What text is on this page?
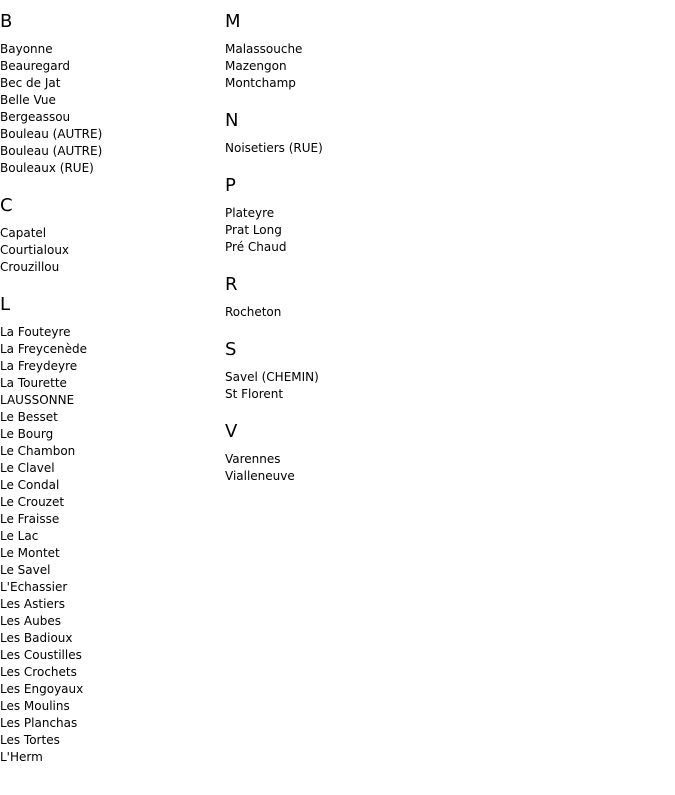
B
Bayonne
Beauregard
Bec de Jat
Belle Vue
Bergeassou
Bouleau (AUTRE)
Bouleau (AUTRE)
Bouleaux (RUE)
C
Capatel
Courtialoux
Crouzillou
L
La Fouteyre
La Freycenède
La Freydeyre
La Tourette
LAUSSONNE
Le Besset
Le Bourg
Le Chambon
Le Clavel
Le Condal
Le Crouzet
Le Fraisse
Le Lac
Le Montet
Le Savel
L'Echassier
Les Astiers
Les Aubes
Les Badioux
Les Coustilles
Les Crochets
Les Engoyaux
Les Moulins
Les Planchas
Les Tortes
L'Herm
M
Malassouche
Mazengon
Montchamp
N
Noisetiers (RUE)
P
Plateyre
Prat Long
Pré Chaud
R
Rocheton
S
Savel (CHEMIN)
St Florent
V
Varennes
Vialleneuve
